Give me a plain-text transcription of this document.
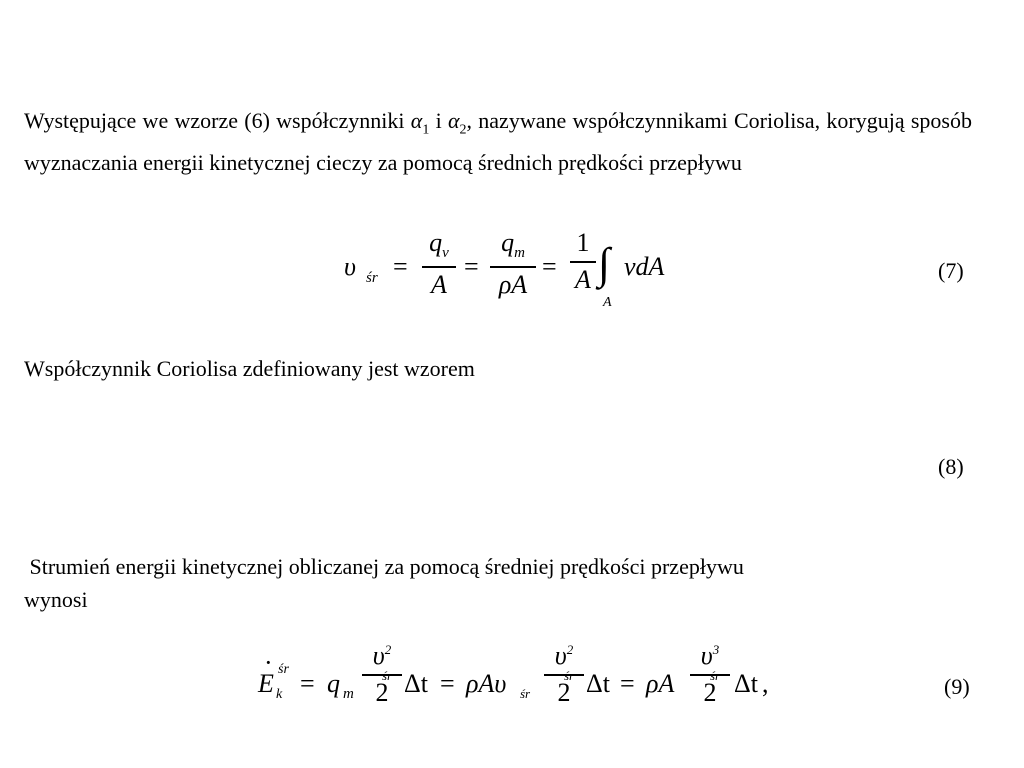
Występujące we wzorze (6) współczynniki $\alpha_1$ i $\alpha_2$, nazywane współczynnikami Coriolisa, korygują sposób wyznaczania energii kinetycznej cieczy za pomocą średnich prędkości przepływu
υ śr =
$q_v$
A
=
$q_m$
ρA
=
1
A ∫
A
vdA	(7)
Współczynnik Coriolisa zdefiniowany jest wzorem
(8)
Strumień energii kinetycznej obliczanej za pomocą średniej prędkości przepływu
wynosi
E
· śr
k = q m
$\upsilon^2$
2
śr Δt = ρAυ śr
$\upsilon^2$
2
śr Δt = ρA
$\upsilon^3$
2
śr Δt ,	(9)
